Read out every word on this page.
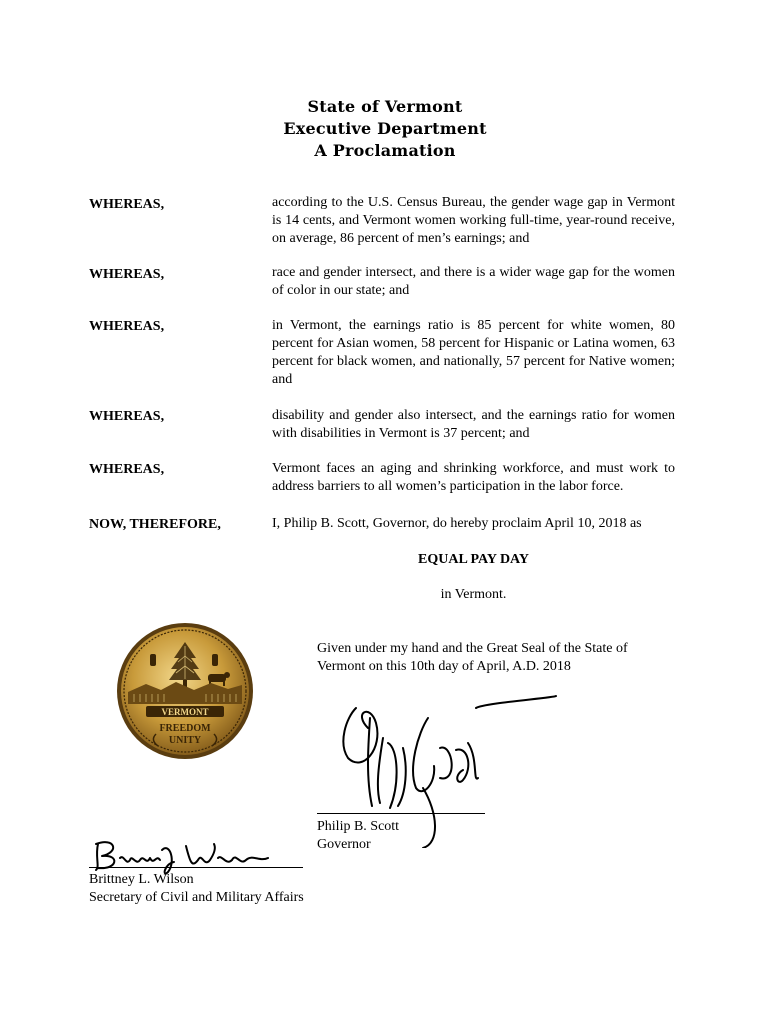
State of Vermont
Executive Department
A Proclamation
WHEREAS,	according to the U.S. Census Bureau, the gender wage gap in Vermont is 14 cents, and Vermont women working full-time, year-round receive, on average, 86 percent of men’s earnings; and
WHEREAS,	race and gender intersect, and there is a wider wage gap for the women of color in our state; and
WHEREAS,	in Vermont, the earnings ratio is 85 percent for white women, 80 percent for Asian women, 58 percent for Hispanic or Latina women, 63 percent for black women, and nationally, 57 percent for Native women; and
WHEREAS,	disability and gender also intersect, and the earnings ratio for women with disabilities in Vermont is 37 percent; and
WHEREAS,	Vermont faces an aging and shrinking workforce, and must work to address barriers to all women’s participation in the labor force.
NOW, THEREFORE,	I, Philip B. Scott, Governor, do hereby proclaim April 10, 2018 as
EQUAL PAY DAY
in Vermont.
Given under my hand and the Great Seal of the State of
Vermont on this 10th day of April, A.D. 2018
VERMONT
FREEDOM
UNITY
Philip B. Scott
Governor
Brittney L. Wilson
Secretary of Civil and Military Affairs
